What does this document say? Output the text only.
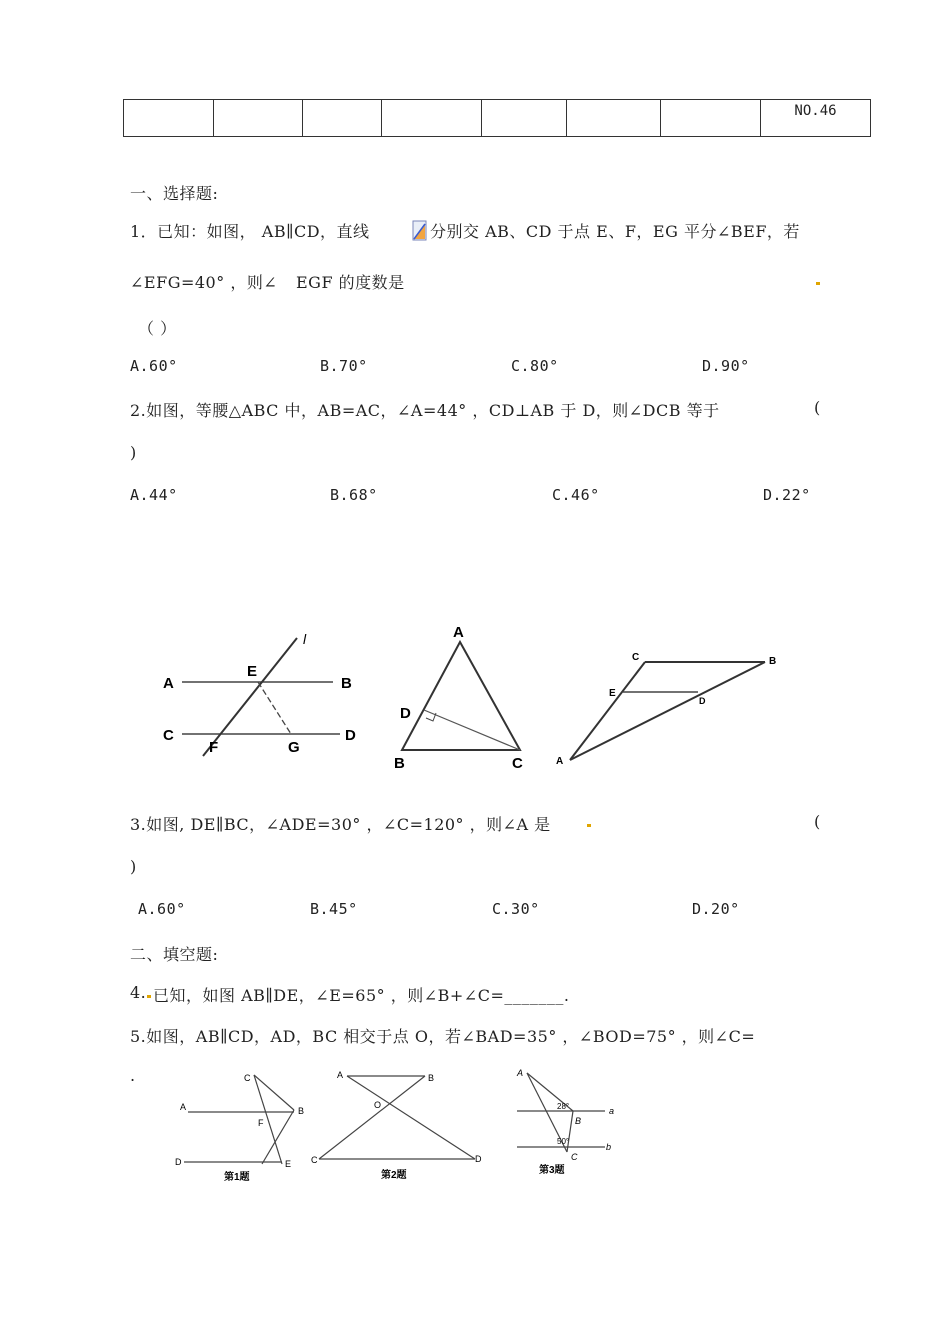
							NO.46
一、选择题:
1．已知：如图， AB∥CD，直线	分别交 AB、CD 于点 E、F，EG 平分∠BEF，若
∠EFG=40° ，则∠ EGF 的度数是
（ ）
A.60°	B.70°	C.80°	D.90°
2.如图，等腰△ABC 中，AB=AC，∠A=44° ，CD⊥AB 于 D，则∠DCB 等于	(
)
A.44°	B.68°	C.46°	D.22°
A	B
C	D
E
F	G
l	A
B	C
D
C	B
E
D
A
3.如图, DE∥BC，∠ADE=30° ，∠C=120° ，则∠A 是	(
)
A.60°	B.45°	C.30°	D.20°
二、填空题:
4. 已知，如图 AB∥DE，∠E=65° ，则∠B+∠C=_______.
5.如图，AB∥CD，AD，BC 相交于点 O，若∠BAD=35° ，∠BOD=75° ，则∠C=
.	C
A	B
F
D	E
第1题
A	B
O
C	D
第2题
A
28°	a
B
50°
b
C
第3题
